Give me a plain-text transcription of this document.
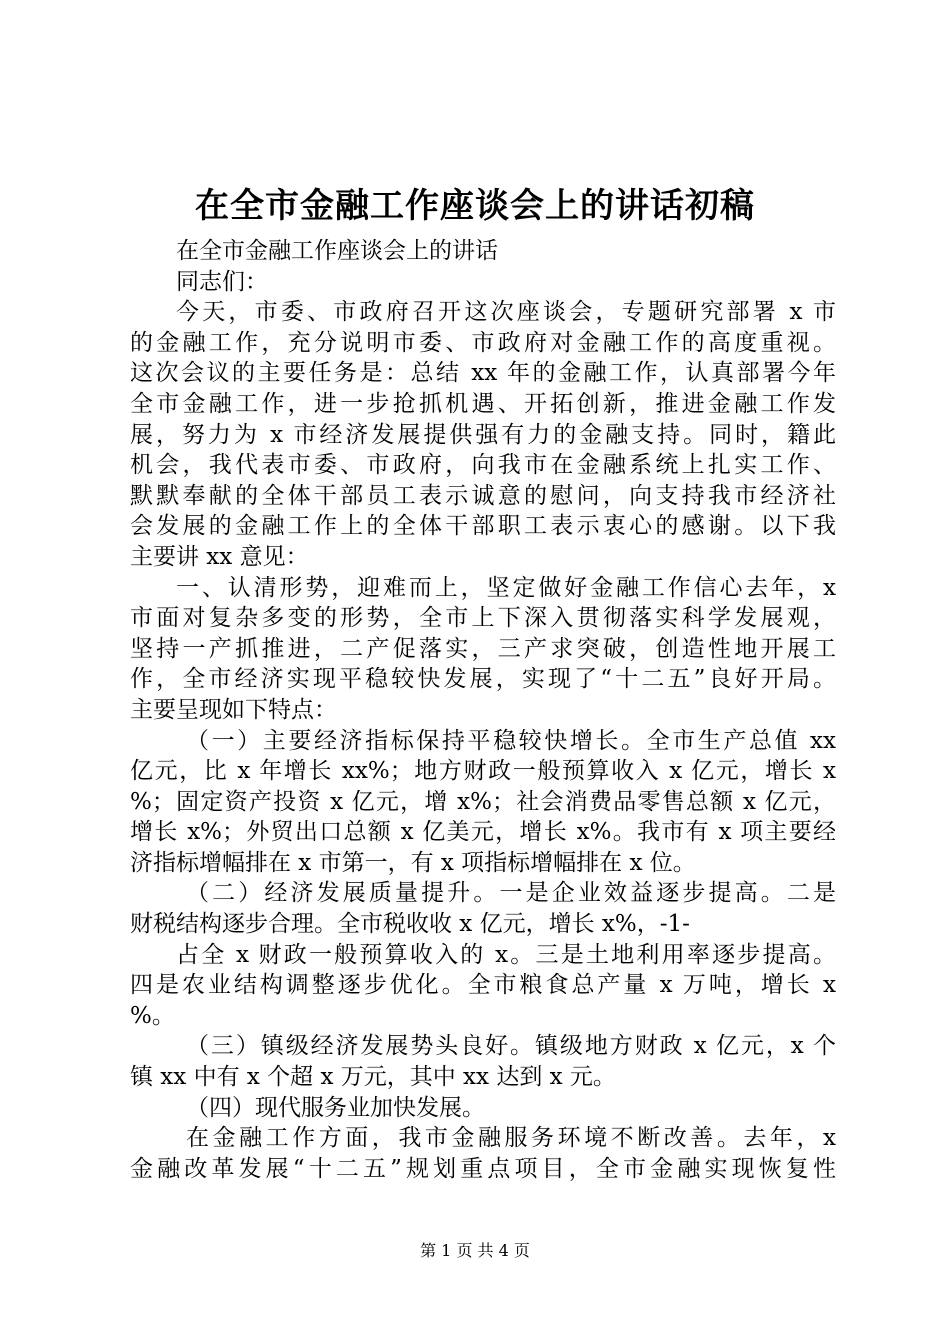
在全市金融工作座谈会上的讲话初稿

在全市金融工作座谈会上的讲话

同志们：

今天，市委、市政府召开这次座谈会，专题研究部署 x 市

的金融工作，充分说明市委、市政府对金融工作的高度重视。

这次会议的主要任务是：总结 xx 年的金融工作，认真部署今年

全市金融工作，进一步抢抓机遇、开拓创新，推进金融工作发

展，努力为 x 市经济发展提供强有力的金融支持。同时，籍此

机会，我代表市委、市政府，向我市在金融系统上扎实工作、

默默奉献的全体干部员工表示诚意的慰问，向支持我市经济社

会发展的金融工作上的全体干部职工表示衷心的感谢。以下我

主要讲 xx 意见：

一、认清形势，迎难而上，坚定做好金融工作信心去年，x

市面对复杂多变的形势，全市上下深入贯彻落实科学发展观，

坚持一产抓推进，二产促落实，三产求突破，创造性地开展工

作，全市经济实现平稳较快发展，实现了“十二五”良好开局。

主要呈现如下特点：

（一）主要经济指标保持平稳较快增长。全市生产总值 xx

亿元，比 x 年增长 xx%；地方财政一般预算收入 x 亿元，增长 x

%；固定资产投资 x 亿元，增 x%；社会消费品零售总额 x 亿元，

增长 x%；外贸出口总额 x 亿美元，增长 x%。我市有 x 项主要经

济指标增幅排在 x 市第一，有 x 项指标增幅排在 x 位。

（二）经济发展质量提升。一是企业效益逐步提高。二是

财税结构逐步合理。全市税收收 x 亿元，增长 x%，-1-

占全 x 财政一般预算收入的 x。三是土地利用率逐步提高。

四是农业结构调整逐步优化。全市粮食总产量 x 万吨，增长 x

%。

（三）镇级经济发展势头良好。镇级地方财政 x 亿元，x 个

镇 xx 中有 x 个超 x 万元，其中 xx 达到 x 元。

（四）现代服务业加快发展。

在金融工作方面，我市金融服务环境不断改善。去年，x

金融改革发展“十二五”规划重点项目，全市金融实现恢复性

第 1 页 共 4 页
